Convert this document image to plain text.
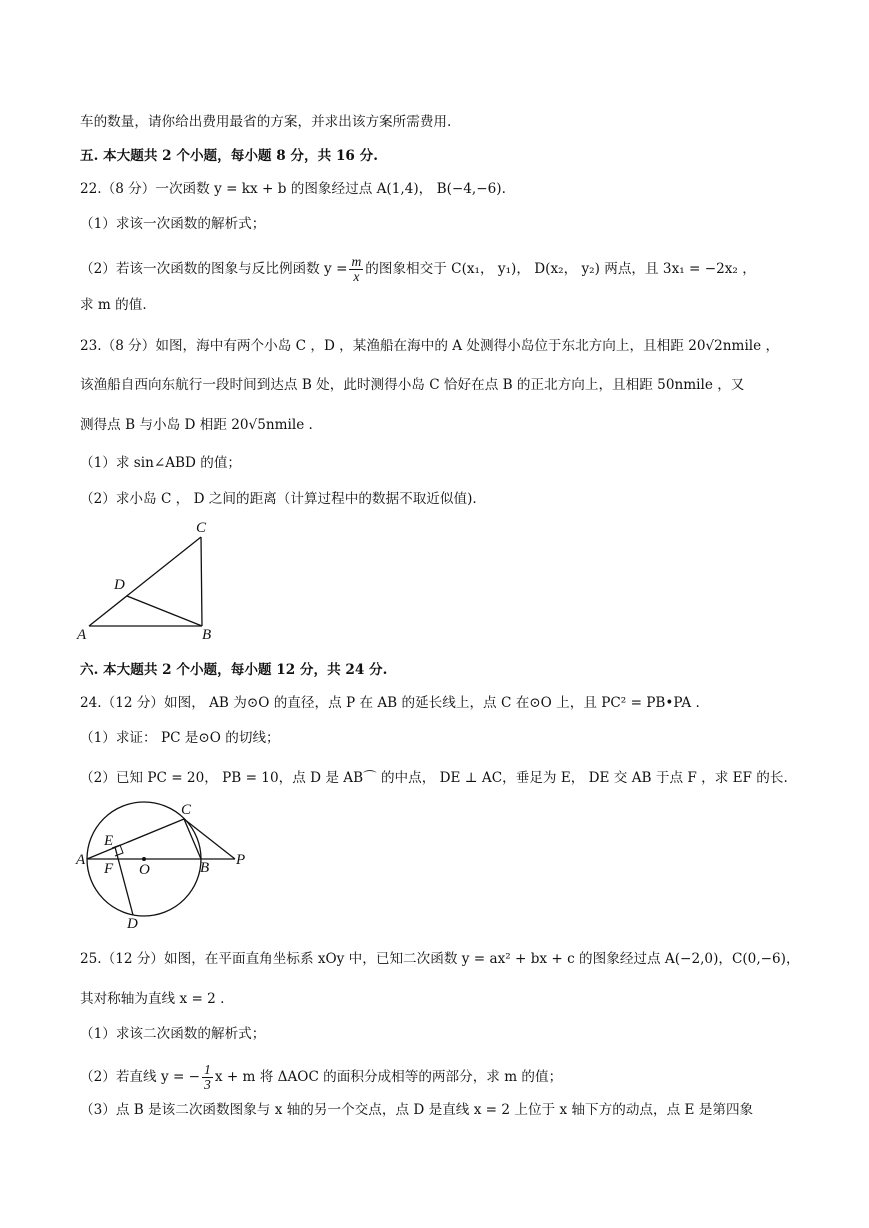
车的数量，请你给出费用最省的方案，并求出该方案所需费用.
五. 本大题共 2 个小题，每小题 8 分，共 16 分.
22.（8 分）一次函数 y = kx + b 的图象经过点 A(1,4)， B(−4,−6).
（1）求该一次函数的解析式；
（2）若该一次函数的图象与反比例函数 $y = \frac{m}{x}$ 的图象相交于 C(x₁， y₁)， D(x₂， y₂) 两点，且 3x₁ = −2x₂ ，
求 m 的值.
23.（8 分）如图，海中有两个小岛 C ，D ，某渔船在海中的 A 处测得小岛位于东北方向上，且相距 20√2nmile ，
该渔船自西向东航行一段时间到达点 B 处，此时测得小岛 C 恰好在点 B 的正北方向上，且相距 50nmile ，又
测得点 B 与小岛 D 相距 20√5nmile .
（1）求 sin∠ABD 的值；
（2）求小岛 C ， D 之间的距离（计算过程中的数据不取近似值).
C
D
A	B
六. 本大题共 2 个小题，每小题 12 分，共 24 分.
24.（12 分）如图， AB 为⊙O 的直径，点 P 在 AB 的延长线上，点 C 在⊙O 上，且 PC² = PB•PA .
（1）求证： PC 是⊙O 的切线；
（2）已知 PC = 20， PB = 10，点 D 是 AB⌒ 的中点， DE ⊥ AC，垂足为 E， DE 交 AB 于点 F ，求 EF 的长.
C
E
A
F O	B P
D
25.（12 分）如图，在平面直角坐标系 xOy 中，已知二次函数 y = ax² + bx + c 的图象经过点 A(−2,0)，C(0,−6)，
其对称轴为直线 x = 2 .
（1）求该二次函数的解析式；
（2）若直线 y = − $\frac{1}{3}$ x + m 将 ΔAOC 的面积分成相等的两部分，求 m 的值；
（3）点 B 是该二次函数图象与 x 轴的另一个交点，点 D 是直线 x = 2 上位于 x 轴下方的动点，点 E 是第四象
